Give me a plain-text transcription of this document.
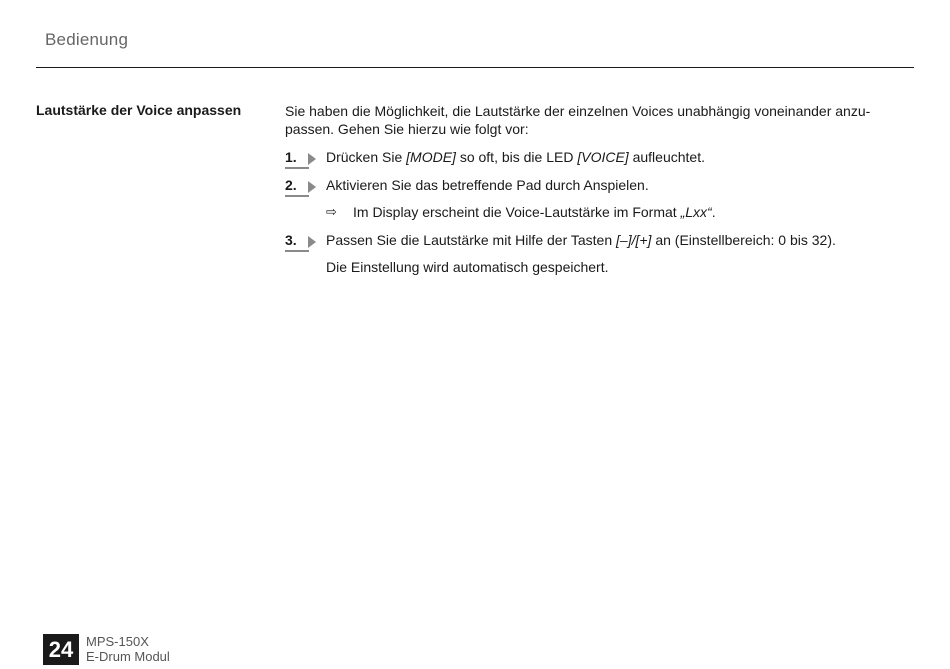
Bedienung
Lautstärke der Voice anpassen	Sie haben die Möglichkeit, die Lautstärke der einzelnen Voices unabhängig voneinander anzu-passen. Gehen Sie hierzu wie folgt vor:

1.	Drücken Sie [MODE] so oft, bis die LED [VOICE] aufleuchtet.
2.	Aktivieren Sie das betreffende Pad durch Anspielen.
⇨ Im Display erscheint die Voice-Lautstärke im Format „Lxx“.
3.	Passen Sie die Lautstärke mit Hilfe der Tasten [–]/[+] an (Einstellbereich: 0 bis 32).
Die Einstellung wird automatisch gespeichert.
24 MPS-150X
E-Drum Modul
